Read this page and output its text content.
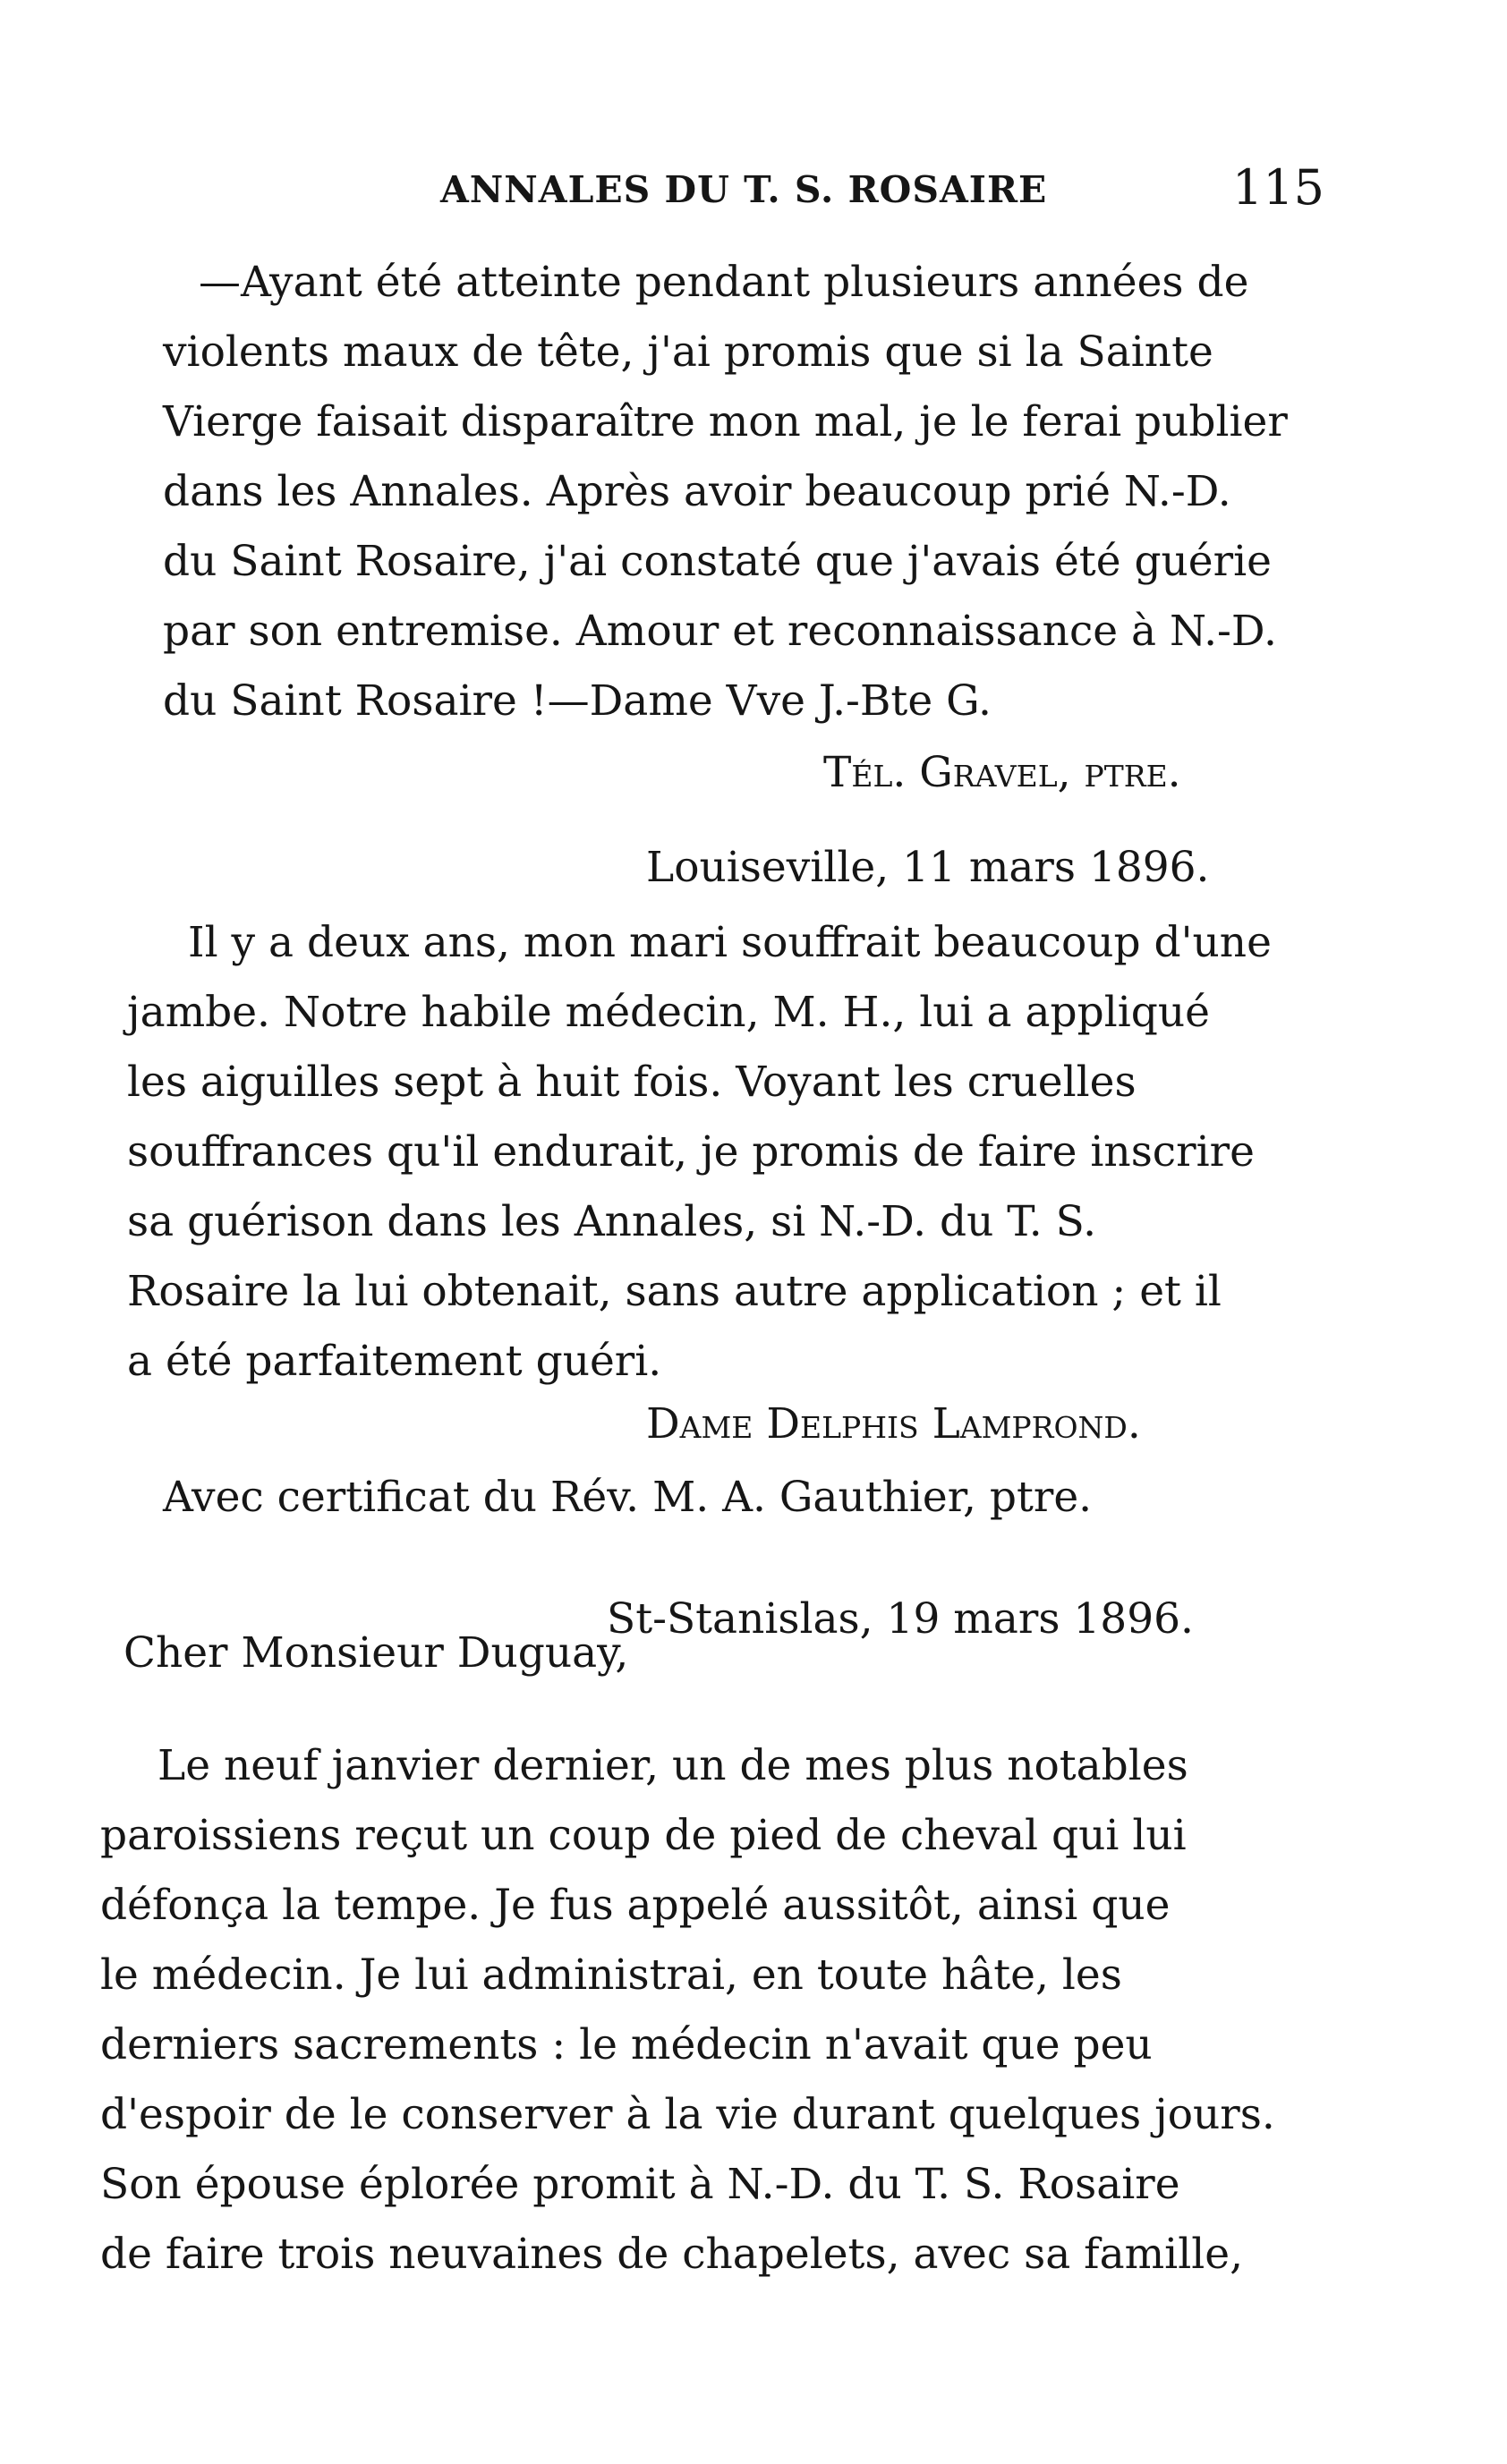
ANNALES DU T. S. ROSAIRE	115
—Ayant été atteinte pendant plusieurs années de
violents maux de tête, j'ai promis que si la Sainte
Vierge faisait disparaître mon mal, je le ferai publier
dans les Annales. Après avoir beaucoup prié N.-D.
du Saint Rosaire, j'ai constaté que j'avais été guérie
par son entremise. Amour et reconnaissance à N.-D.
du Saint Rosaire !—Dame Vve J.-Bte G.
Tél. Gravel, ptre.
Louiseville, 11 mars 1896.
Il y a deux ans, mon mari souffrait beaucoup d'une
jambe. Notre habile médecin, M. H., lui a appliqué
les aiguilles sept à huit fois. Voyant les cruelles
souffrances qu'il endurait, je promis de faire inscrire
sa guérison dans les Annales, si N.-D. du T. S.
Rosaire la lui obtenait, sans autre application ; et il
a été parfaitement guéri.
Dame Delphis Lamprond.
Avec certificat du Rév. M. A. Gauthier, ptre.
St-Stanislas, 19 mars 1896.
Cher Monsieur Duguay,
Le neuf janvier dernier, un de mes plus notables
paroissiens reçut un coup de pied de cheval qui lui
défonça la tempe. Je fus appelé aussitôt, ainsi que
le médecin. Je lui administrai, en toute hâte, les
derniers sacrements : le médecin n'avait que peu
d'espoir de le conserver à la vie durant quelques jours.
Son épouse éplorée promit à N.-D. du T. S. Rosaire
de faire trois neuvaines de chapelets, avec sa famille,
